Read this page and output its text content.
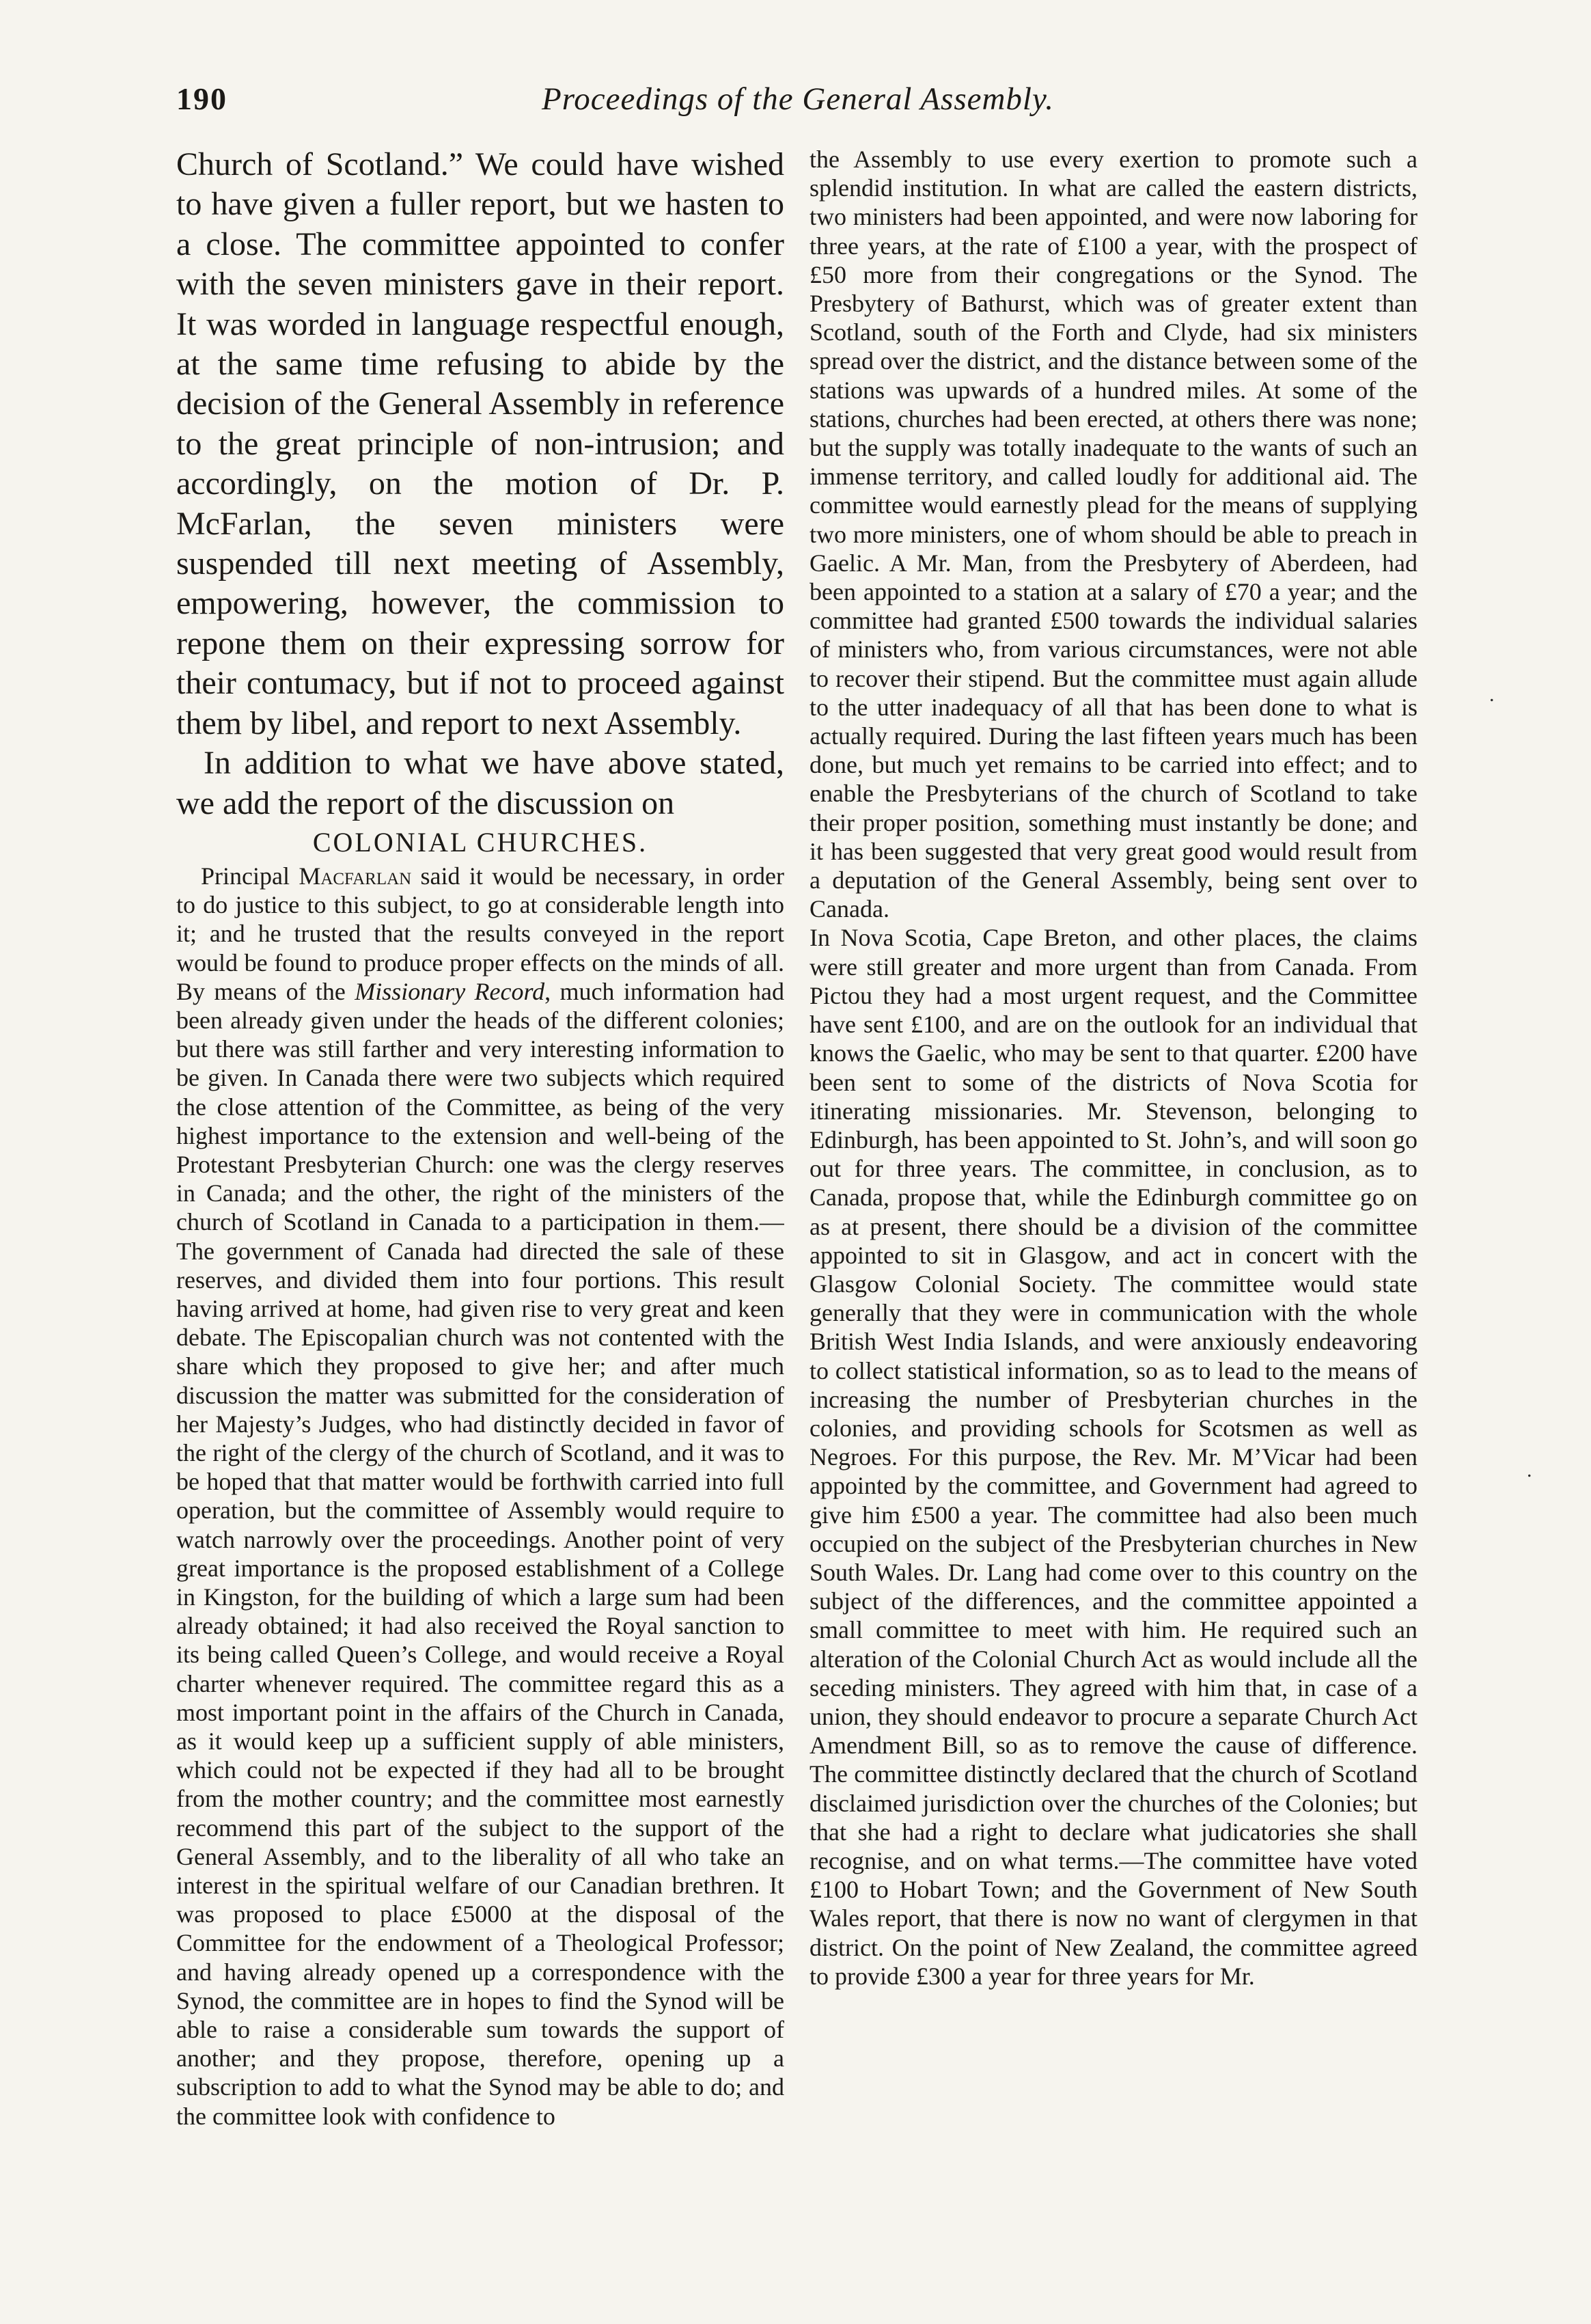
190	Proceedings of the General Assembly.

Church of Scotland.” We could have wished to have given a fuller report, but we hasten to a close. The committee appointed to confer with the seven ministers gave in their report. It was worded in language respectful enough, at the same time refusing to abide by the decision of the General Assembly in reference to the great principle of non-intrusion; and accordingly, on the motion of Dr. P. McFarlan, the seven ministers were suspended till next meeting of Assembly, empowering, however, the commission to repone them on their expressing sorrow for their contumacy, but if not to proceed against them by libel, and report to next Assembly.

In addition to what we have above stated, we add the report of the discussion on

COLONIAL CHURCHES.

Principal Macfarlan said it would be necessary, in order to do justice to this subject, to go at considerable length into it; and he trusted that the results conveyed in the report would be found to produce proper effects on the minds of all. By means of the Missionary Record, much information had been already given under the heads of the different colonies; but there was still farther and very interesting information to be given. In Canada there were two subjects which required the close attention of the Committee, as being of the very highest importance to the extension and well-being of the Protestant Presbyterian Church: one was the clergy reserves in Canada; and the other, the right of the ministers of the church of Scotland in Canada to a participation in them.—The government of Canada had directed the sale of these reserves, and divided them into four portions. This result having arrived at home, had given rise to very great and keen debate. The Episcopalian church was not contented with the share which they proposed to give her; and after much discussion the matter was submitted for the consideration of her Majesty’s Judges, who had distinctly decided in favor of the right of the clergy of the church of Scotland, and it was to be hoped that that matter would be forthwith carried into full operation, but the committee of Assembly would require to watch narrowly over the proceedings. Another point of very great importance is the proposed establishment of a College in Kingston, for the building of which a large sum had been already obtained; it had also received the Royal sanction to its being called Queen’s College, and would receive a Royal charter whenever required. The committee regard this as a most important point in the affairs of the Church in Canada, as it would keep up a sufficient supply of able ministers, which could not be expected if they had all to be brought from the mother country; and the committee most earnestly recommend this part of the subject to the support of the General Assembly, and to the liberality of all who take an interest in the spiritual welfare of our Canadian brethren. It was proposed to place £5000 at the disposal of the Committee for the endowment of a Theological Professor; and having already opened up a correspondence with the Synod, the committee are in hopes to find the Synod will be able to raise a considerable sum towards the support of another; and they propose, therefore, opening up a subscription to add to what the Synod may be able to do; and the committee look with confidence to

the Assembly to use every exertion to promote such a splendid institution. In what are called the eastern districts, two ministers had been appointed, and were now laboring for three years, at the rate of £100 a year, with the prospect of £50 more from their congregations or the Synod. The Presbytery of Bathurst, which was of greater extent than Scotland, south of the Forth and Clyde, had six ministers spread over the district, and the distance between some of the stations was upwards of a hundred miles. At some of the stations, churches had been erected, at others there was none; but the supply was totally inadequate to the wants of such an immense territory, and called loudly for additional aid. The committee would earnestly plead for the means of supplying two more ministers, one of whom should be able to preach in Gaelic. A Mr. Man, from the Presbytery of Aberdeen, had been appointed to a station at a salary of £70 a year; and the committee had granted £500 towards the individual salaries of ministers who, from various circumstances, were not able to recover their stipend. But the committee must again allude to the utter inadequacy of all that has been done to what is actually required. During the last fifteen years much has been done, but much yet remains to be carried into effect; and to enable the Presbyterians of the church of Scotland to take their proper position, something must instantly be done; and it has been suggested that very great good would result from a deputation of the General Assembly, being sent over to Canada.

In Nova Scotia, Cape Breton, and other places, the claims were still greater and more urgent than from Canada. From Pictou they had a most urgent request, and the Committee have sent £100, and are on the outlook for an individual that knows the Gaelic, who may be sent to that quarter. £200 have been sent to some of the districts of Nova Scotia for itinerating missionaries. Mr. Stevenson, belonging to Edinburgh, has been appointed to St. John’s, and will soon go out for three years. The committee, in conclusion, as to Canada, propose that, while the Edinburgh committee go on as at present, there should be a division of the committee appointed to sit in Glasgow, and act in concert with the Glasgow Colonial Society. The committee would state generally that they were in communication with the whole British West India Islands, and were anxiously endeavoring to collect statistical information, so as to lead to the means of increasing the number of Presbyterian churches in the colonies, and providing schools for Scotsmen as well as Negroes. For this purpose, the Rev. Mr. M’Vicar had been appointed by the committee, and Government had agreed to give him £500 a year. The committee had also been much occupied on the subject of the Presbyterian churches in New South Wales. Dr. Lang had come over to this country on the subject of the differences, and the committee appointed a small committee to meet with him. He required such an alteration of the Colonial Church Act as would include all the seceding ministers. They agreed with him that, in case of a union, they should endeavor to procure a separate Church Act Amendment Bill, so as to remove the cause of difference. The committee distinctly declared that the church of Scotland disclaimed jurisdiction over the churches of the Colonies; but that she had a right to declare what judicatories she shall recognise, and on what terms.—The committee have voted £100 to Hobart Town; and the Government of New South Wales report, that there is now no want of clergymen in that district. On the point of New Zealand, the committee agreed to provide £300 a year for three years for Mr.

.
.
